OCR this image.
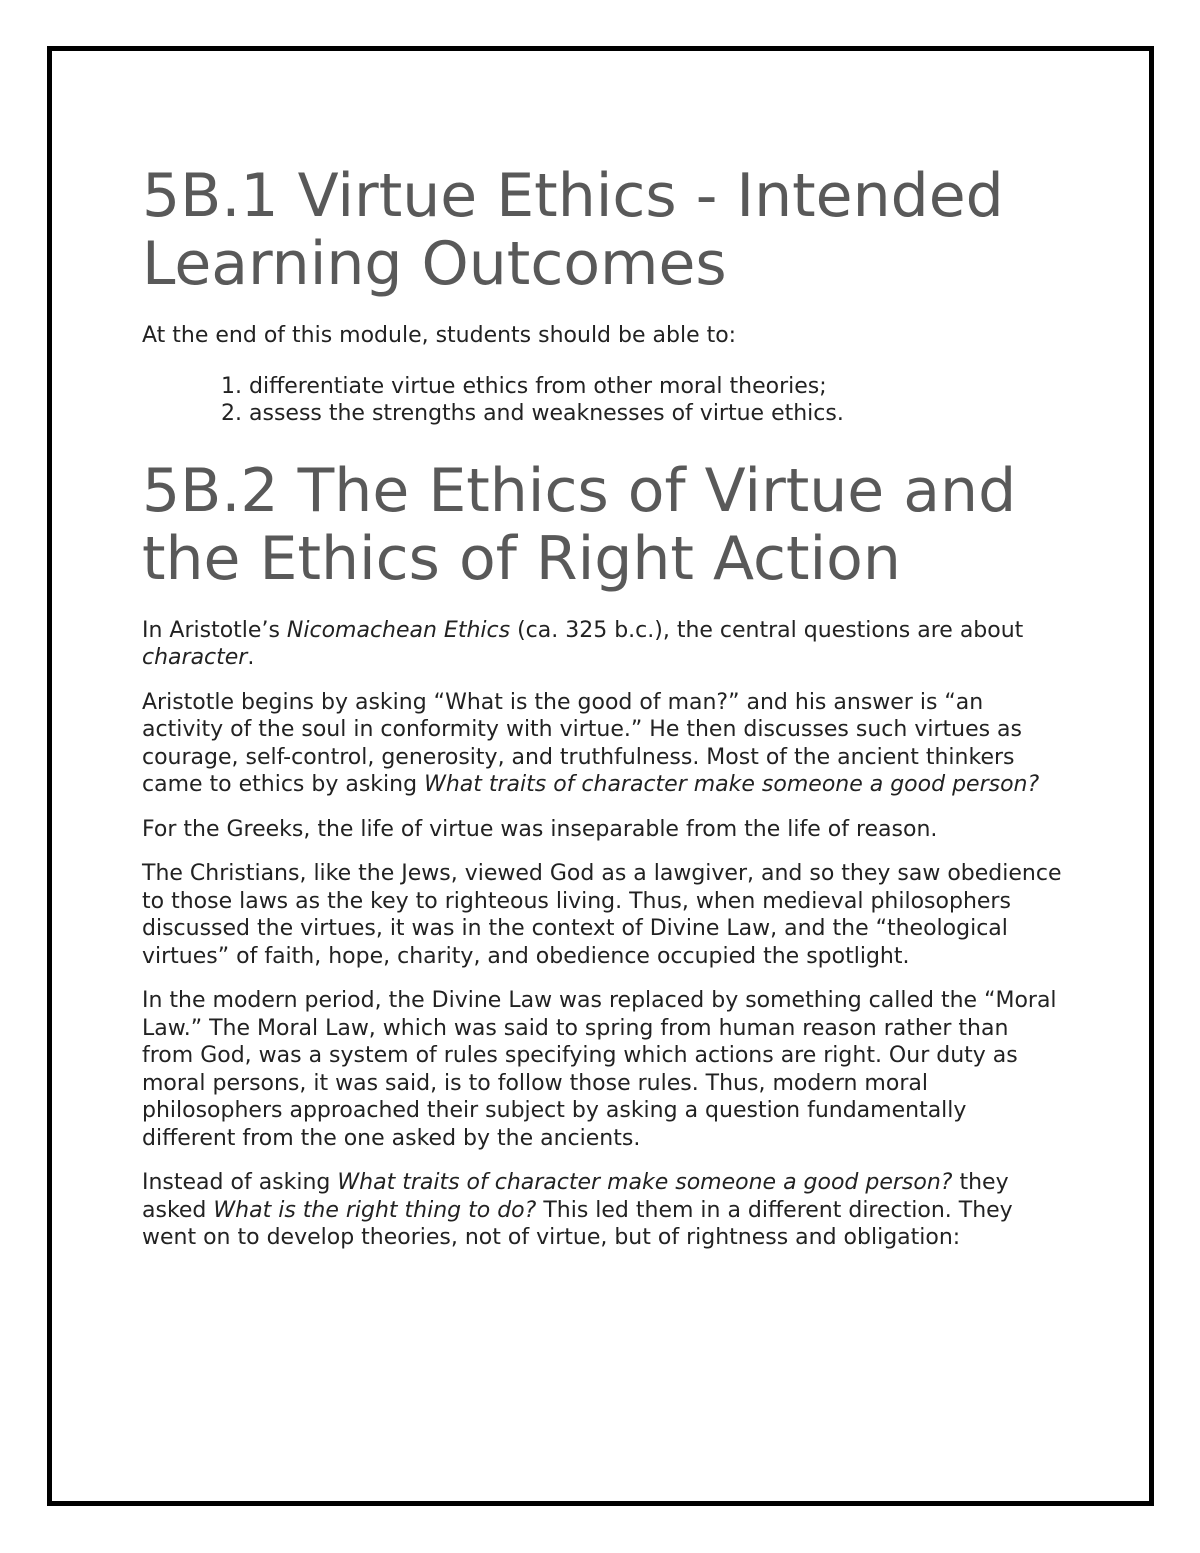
5B.1 Virtue Ethics - Intended Learning Outcomes

At the end of this module, students should be able to:

1. differentiate virtue ethics from other moral theories;
2. assess the strengths and weaknesses of virtue ethics.
5B.2 The Ethics of Virtue and the Ethics of Right Action

In Aristotle’s Nicomachean Ethics (ca. 325 b.c.), the central questions are about character.

Aristotle begins by asking “What is the good of man?” and his answer is “an activity of the soul in conformity with virtue.” He then discusses such virtues as courage, self-control, generosity, and truthfulness. Most of the ancient thinkers came to ethics by asking What traits of character make someone a good person?

For the Greeks, the life of virtue was inseparable from the life of reason.

The Christians, like the Jews, viewed God as a lawgiver, and so they saw obedience to those laws as the key to righteous living. Thus, when medieval philosophers discussed the virtues, it was in the context of Divine Law, and the “theological virtues” of faith, hope, charity, and obedience occupied the spotlight.

In the modern period, the Divine Law was replaced by something called the “Moral Law.” The Moral Law, which was said to spring from human reason rather than from God, was a system of rules specifying which actions are right. Our duty as moral persons, it was said, is to follow those rules. Thus, modern moral philosophers approached their subject by asking a question fundamentally different from the one asked by the ancients.

Instead of asking What traits of character make someone a good person? they asked What is the right thing to do? This led them in a different direction. They went on to develop theories, not of virtue, but of rightness and obligation:
